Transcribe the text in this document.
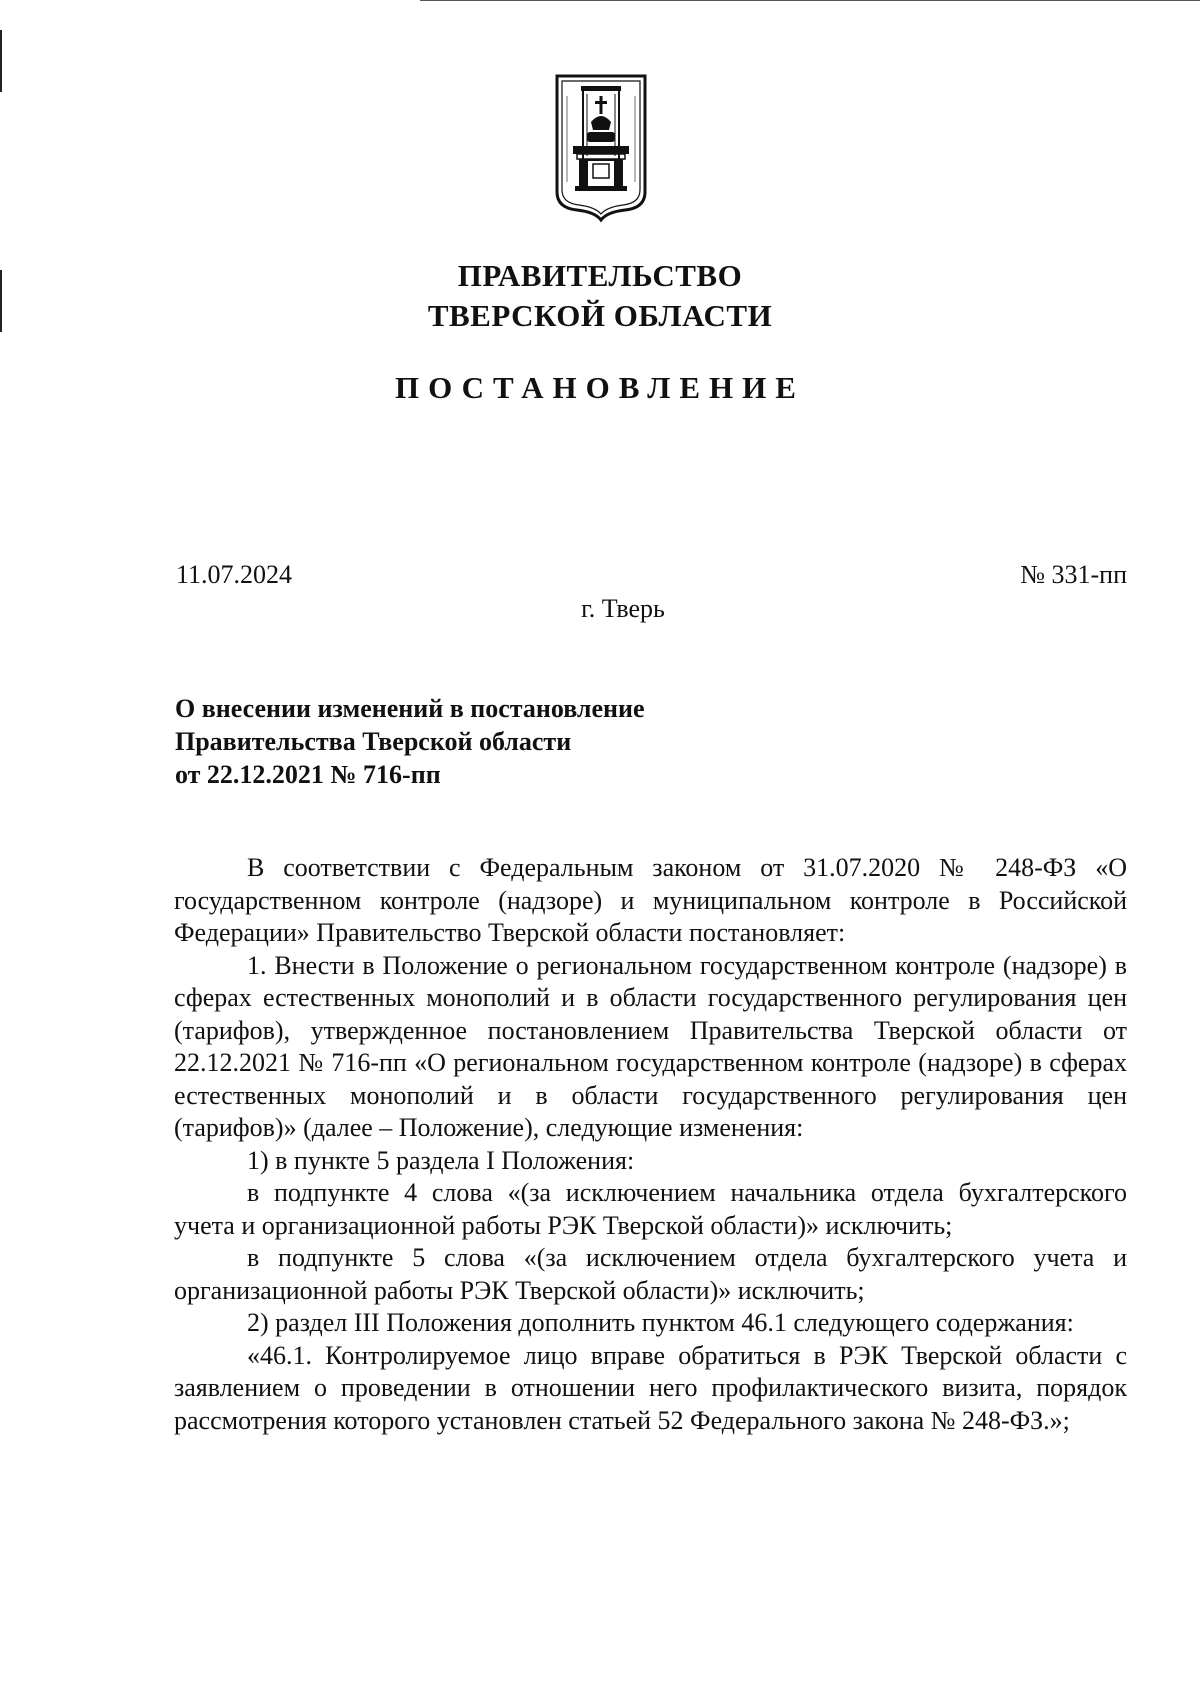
ПРАВИТЕЛЬСТВО
ТВЕРСКОЙ ОБЛАСТИ
ПОСТАНОВЛЕНИЕ
11.07.2024	№ 331-пп
г. Тверь
О внесении изменений в постановление
Правительства Тверской области
от 22.12.2021 № 716-пп

В соответствии с Федеральным законом от 31.07.2020 № 248-ФЗ «О государственном контроле (надзоре) и муниципальном контроле в Российской Федерации» Правительство Тверской области постановляет:

1. Внести в Положение о региональном государственном контроле (надзоре) в сферах естественных монополий и в области государственного регулирования цен (тарифов), утвержденное постановлением Правительства Тверской области от 22.12.2021 № 716-пп «О региональном государственном контроле (надзоре) в сферах естественных монополий и в области государственного регулирования цен (тарифов)» (далее – Положение), следующие изменения:

1) в пункте 5 раздела I Положения:

в подпункте 4 слова «(за исключением начальника отдела бухгалтерского учета и организационной работы РЭК Тверской области)» исключить;

в подпункте 5 слова «(за исключением отдела бухгалтерского учета и организационной работы РЭК Тверской области)» исключить;

2) раздел III Положения дополнить пунктом 46.1 следующего содержания:

«46.1. Контролируемое лицо вправе обратиться в РЭК Тверской области с заявлением о проведении в отношении него профилактического визита, порядок рассмотрения которого установлен статьей 52 Федерального закона № 248-ФЗ.»;
